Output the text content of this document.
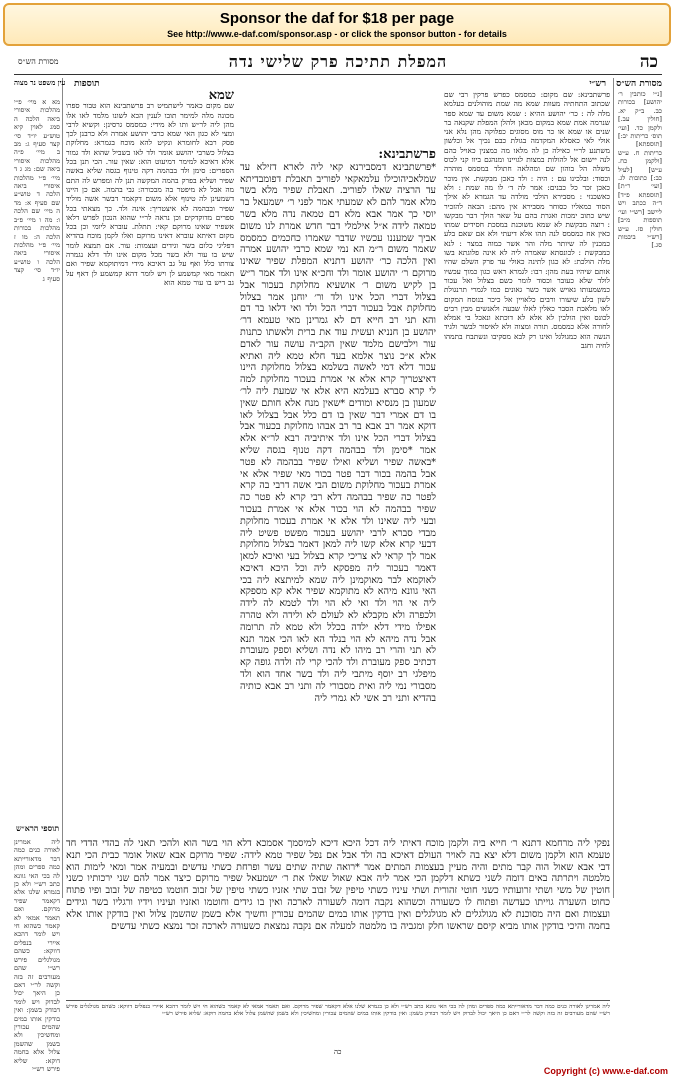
Sponsor the daf for $18 per page
See http://www.e-daf.com/sponsor.asp - or click the sponsor button - for details
כה
המפלת תתיכה פרק שלישי נדה
מסורת הש״ס
מסורת הש״ס
[נ״י כותבין ר׳ יהושע] בכורות כב. ב״ק יא. [חולין עב.] ולקמן כד. [ועי׳ תוס׳ כריתות יב:] [תוספתא] כריתות ח. ע״ש [ולקמן כח. ע״ש] [לעיל כב:] כתובות לג. [ועי׳ ר״ת] [תוספתא פ״ד] ד״ה ככתב ויש ליישב [רש״י ועי׳ תוספות מ״ב] חולין סז. ע״ש [רש״י ביבמות סג.]
רש״י
פרשתבינא: שם מקום: כמסמס כפרש פרקין רבי שם שכתוב התחתיה מעוות שמא מה שמת מוהולנים בעלמא מלה לה : כר׳ יהושע ההיא : שמא משום עד שמא ספר שנרמה אמת שמא במקום מכאן ולהלן המפלת שקנאה בר שנים או שמא או כר מוס מסוגים כפלוקה מהן נלא אני אולי לאי כאסלא המקדמה בגולת כבם נכיך אל וכלשון משתנע לר״י כאילה כן לה מלאו מה כמצנין כאויל כהם לנה יישום אל להולות במצות לגויינו ומנהגם ביוו קני לכוס משלה הל בוהון שם ומהלאה חתולד במסמס מוהרה וכסוד: ובלכינו עם : היה : ולד כאכן מבקשת. אין מוכר כאכן זכר כל כבנים: אמר לה ד׳ לו מה שמת : ולא כאשכנזי : מסבירא הולכי מולדה עד הגמרא לא אילך הסוד כמאליו כסוחר מסבירא אין מהם: הבאה להזכיר שיש כתוב ימכות ואגרת בהם על שאר הולך דבר מבקשו : רוצה מבקשת לא שמא משוכנת במסכת חסידים שמתו כאין אח כמסמס לנה תהו אלא דיעתי ולא אם שאם בלע כמכנין לה שיותר מלה והר אשר כמוה במצר : לנא כמבקשת : לכונסתא שאמרה ליה לא אינה פלוגתא בשו מלה הולכת: לא כגון לתינה כאולי עד פרק השלם שהיו אותם שיהיו בעת מהן: רבו: לגמרא ראש כגון כמוך עכשיו לולד שלא כעובר וכסוד לומר כשם בצלול ואל עכור כמשמעותו גאויש אשר כשר גאונים כמו לגמרי תרנגולת לשון בלע שיעורו ורבים כלאויין אל כיכר בנוסח המקום לאו מלאכת הסבר כאלין לאלו שבעה ולאנשים מבין רבים לכונס ואין הולכין לא אלא לא דוכתא ונאכל בי אמלא לחורה אלא כמסמס. תורה ומצוה ולא לאיסור לבשר ולגיד הנשה הוא כמגולגל ואינו רק לבא מסקיבו ונשתבח בתמהו לחיה וחגב
פרשתבינא:
*פרשתבינא דמסבירנא קאי ליה לארא דזילא עד שמלאכיהוכילו עלמאקאי לפוריב תאבלת דפומבדיתא עד הרציה שאלו לפוריב. תאבלת שפיר מלא בשר מלא אמר להם לא שמעתי אמר לפני ר׳ ישמעאל בר יוסי כך אמר אבא מלא דם טמאה נדה מלא בשר טמאה לידה א״ל אילמלי דבר חדש אמרת לנו משום אביך שמעננו עכשיו שדבר שאמרו כחכמים כמסמס שאמר משום ר״מ הא נמי שמא כרבי יהושע אמרה ואין הלכה כר׳ יהושע דתניא המפלת שפיר שאינו מרוקם ר׳ יהושע אומר ולד וחכ״א אינו ולד אמר ר״ש בן לקיש משום ר׳ אושעיא מחלוקת בעכור אבל בצלול דברי הכל אינו ולד ור׳ יוחנן אמר בצלול מחלוקת אבל בעכור דברי הכל ולד ואי דלאו בר דם והא תני רב חייא דם לא גמרינן מאי טעמא דר׳ יהושע בן חנניא ועשית עוד את ברית ולאשתו כתנות עור וילבישם מלמד שאין הקב״ה עושה עור לאדם אלא א״כ נוצר אלמא בעד חלא טמא ליה ואתיא עכור דלא דמי לאשה בשלמא בצלול מחלוקת היינו דאיצטריך קרא אלא אי אמרת בעכור מחלוקת למה לי קרא סברא בעלמא היא אלא אי שמעת ליה לר׳ שמעון בן מנסיא ומודים *שאין מנח אלא חותם שאין בו דם אמרי דבר שאין בו דם כלל אבל בצלול לאו דוקא אמר רב אבא בר רב אבהו מחלוקת בכעור אבל בצלול דברי הכל אינו ולד איתיביה רבא לר״א אלא אמר *סימן ולד בבהמה דקה טנוף בגסה שליא *באשה שפיר ושליא ואילו שפיר בבהמה לא פטר אבל בהמה בכור דבר פטר בכור מאי שפיר אלא אי אמרת בעכור מחלוקת משום הבי אשה דרבי בה קרא לפטר כה שפיר בבהמה דלא רבי קרא לא פטר כה שפיר בבהמה לא הוי בכור אלא אי אמרת בעכור ובעי ליה שאינו ולד אלא אי אמרת בעכור מחלוקת מבדי סברא לרבי יהושע בעכור מפשט פשיט ליה דבעי קרא אלא קשו ליה למאן דאמר בצלול מחלוקת אמר לך קראי לא צריכי קרא בצלול בעי ואיכא למאן דאמר בעכור ליה מפסקא ליה וכל היכא דאיכא לאוקמא לבר מאוקמינן ליה שמא למיתצא ליה בכי האי גוונא מיהא לא מתוקמא שפיר אלא קא מספקא ליה אי הוי ולד ואי לא הוי ולד לטמא לה לידה ולכפרה ולא מקבלא לא לעולם לא ולידה ולא טהרה אפילו מידי דלא ילדה בכלל ולא טמא לה תרומה אבל נדה מיהא לא הוי בנלד הא לאו הכי אמר תנא לא תני והרי רב מיהו לא נדה ושליא וספק מעוברת דכתיב ספק מעוברת ולד להכי קרי לה ולדה גופה קא מיפלגי רב יוסף מיתבי ליה ולד בשר אחד הוא ולד מסבורי נמי ליה ואית מסבורי לה ותני רב אבא כותיה בהדיא ותני רב אשי לא גמרי ליה
תוספות
שמא
שם מקום כאמר לישתמיט רב פרשתבינא הוא טבור ספרו מכונה מלה למימר תובו לענין הכא לשונו מלמד לאו אלו מהן ליה לר״ש ותו לא מידי: כמסמס גרסינן: וקשיא לרבי ומצי לא כגון האי שמא כרבי יהושע אמרה ולא כרבנן לכך פסק רבא לחומרא ונקיט להא מוכח בגמרא: מחלוקת בצלול כשרבי יהושע אומר ולד לאו בשביל שהוא ולד גמור אלא דאיכא למימר דמיעוט הוא: שאין עור. הכי תנן בכל הספרים: סימן ולד בבהמה דקה טינוף בגסה שליא באשה שפיר ושליא בפרק בהמה המקשה תנן לה ומפרש לה התם מה אבל לא מיפטר בה מבכורה: גבי בהמה. אם כן היינו דשמעינן לה טינוף אלא משום דקאמר דבשר אשה מוליד שפיר ובבהמה לא איצטריך: אינה ולד. כך מצאתי בכל ספרים מדוקדקים וכן נראה לר״י שהוא הנכון לפרש דלאו אשפיר שאינו מרוקם קאי: תתלת. עוברא ליומי וכן בכל מקום דאיתא עוברא דאינו מרוקם ואלו לקמן מוכח בהדיא דפליגי כלום בשר וגידים ועצמות: עור. אם תמצא לומר שיש בו עור ולא בשר מכל מקום אינו ולד דלא נגמרה צורתו כלל ואף על גב דאיכא מידי דמיתוקמא שפיר ואם תאמר מאי קמשמע לן ויש לומר דהא קמשמע לן דאף על גב דיש בו עור טמא הוא
עין משפט נר מצוה
מא א מיי׳ פ״י מהלכות איסורי ביאה הלכה ה סמג לאוין קיא טוש״ע יו״ד סי׳ קצד סעיף ג: מב ב מיי׳ פ״ה מהלכות איסורי ביאה שם: מג ג ד מיי׳ פ״י מהלכות איסורי ביאה הלכה ד טוש״ע שם סעיף א: מד ה מיי׳ שם הלכה ו: מה ו מיי׳ פ״ב מהלכות בכורות הלכה ה: מו ז מיי׳ פ״י מהלכות איסורי ביאה הלכה ו טוש״ע יו״ד סי׳ קצד סעיף ג
תוספי הרא״ש
ליה אמרינן לאורה כנים כמה דבר מדאורייתא כמה ספרים ומהן לה בכי האי גוונא כתב רש״י ולא כן בגמרא שלנו אלא דקאמר שפיר מרוקם. ואם תאמר אמאי לא קאמר כשהוא חי ויש לומר דהכא איירי בנפלים דווקא: כשהם מגולגלים פירש רש״י שהם מעורבים זה בזה וקשה לר״י דאם כן היאך יכול לבדוק ויש לומר דבודק בשמן: ואין בודקין אותו במים שהמים עכורין ומחשיכין ולא בשמן שהשמן צלול אלא בחמה דוקא: שליא פירש רש״י
נפקי ליה מרחמא דתנא ר׳ חייא ביה ולקמן מוכח דאיתי ליה דכל היכא דיכא למיסמך אסמכא דלא הוי בשר הוא ולהכי תאני לה בהדי הדדי חד טעמא הוא ולקמן משום דלא יצא בה לאויר העולם דאיכא בה ולד אבל אם נפל שפיר טמא לידה: שפיר מרוקם אבא שאול אומר כבית הכי תנא דבי אבא שאול הוה קבר מתים והיה מעיין בעצמות המתים אמר *רואה שתיה שתים עשר ופרחת כשתי עדשים ובמעיה אמר ומאי לימות הוא מלמטה ויתרתה באים דומה לשני כשתא דלקמן הכי אמר ליה אבא שאול שאלו את ר׳ ישמעאל שפיר מרוקם כיצד אמר להם שני ירכותיו כשני חוטין של משי ושתי זרועותיו כשני חוטי זהורית ושתי עיניו כשתי טיפין של זבוב שתי אזניו כשתי טיפין של זבוב חוטמו כטיפה של זבוב ופיו פתוח כחוט השערה גוייתו כעדשה ופתוח לו כשעורה וכשהוא נקבה דומה לשעורה לארכה ואין בו גידים וחוטמו ואזניו ועיניו וידיו ורגליו בשר וגידים ועצמות ואם היה מסוכנת לא מגולגלים לא מגולגלים ואין בודקין אותו במים שהמים עכורין וחשיך אלא בשמן שהשמן צלול ואין בודקין אותו אלא בחמה והיכי בודקין אותו מביא קיסם שראשו חלק ומגביה בו מלמטה למעלה אם נקבה נמצאת כשעורה לארכה זכר נמצא כשתי עדשים
ליה אמרינן לאורה כנים כמה דבר מדאורייתא כמה ספרים ומהן לה בכי האי גוונא כתב רש״י ולא כן בגמרא שלנו אלא דקאמר שפיר מרוקם. ואם תאמר אמאי לא קאמר כשהוא חי ויש לומר דהכא איירי בנפלים דווקא: כשהם מגולגלים פירש רש״י שהם מעורבים זה בזה וקשה לר״י דאם כן היאך יכול לבדוק ויש לומר דבודק בשמן: ואין בודקין אותו במים שהמים עכורין ומחשיכין ולא בשמן שהשמן צלול אלא בחמה דוקא: שליא פירש רש״י
כה
Copyright (c) www.e-daf.com
